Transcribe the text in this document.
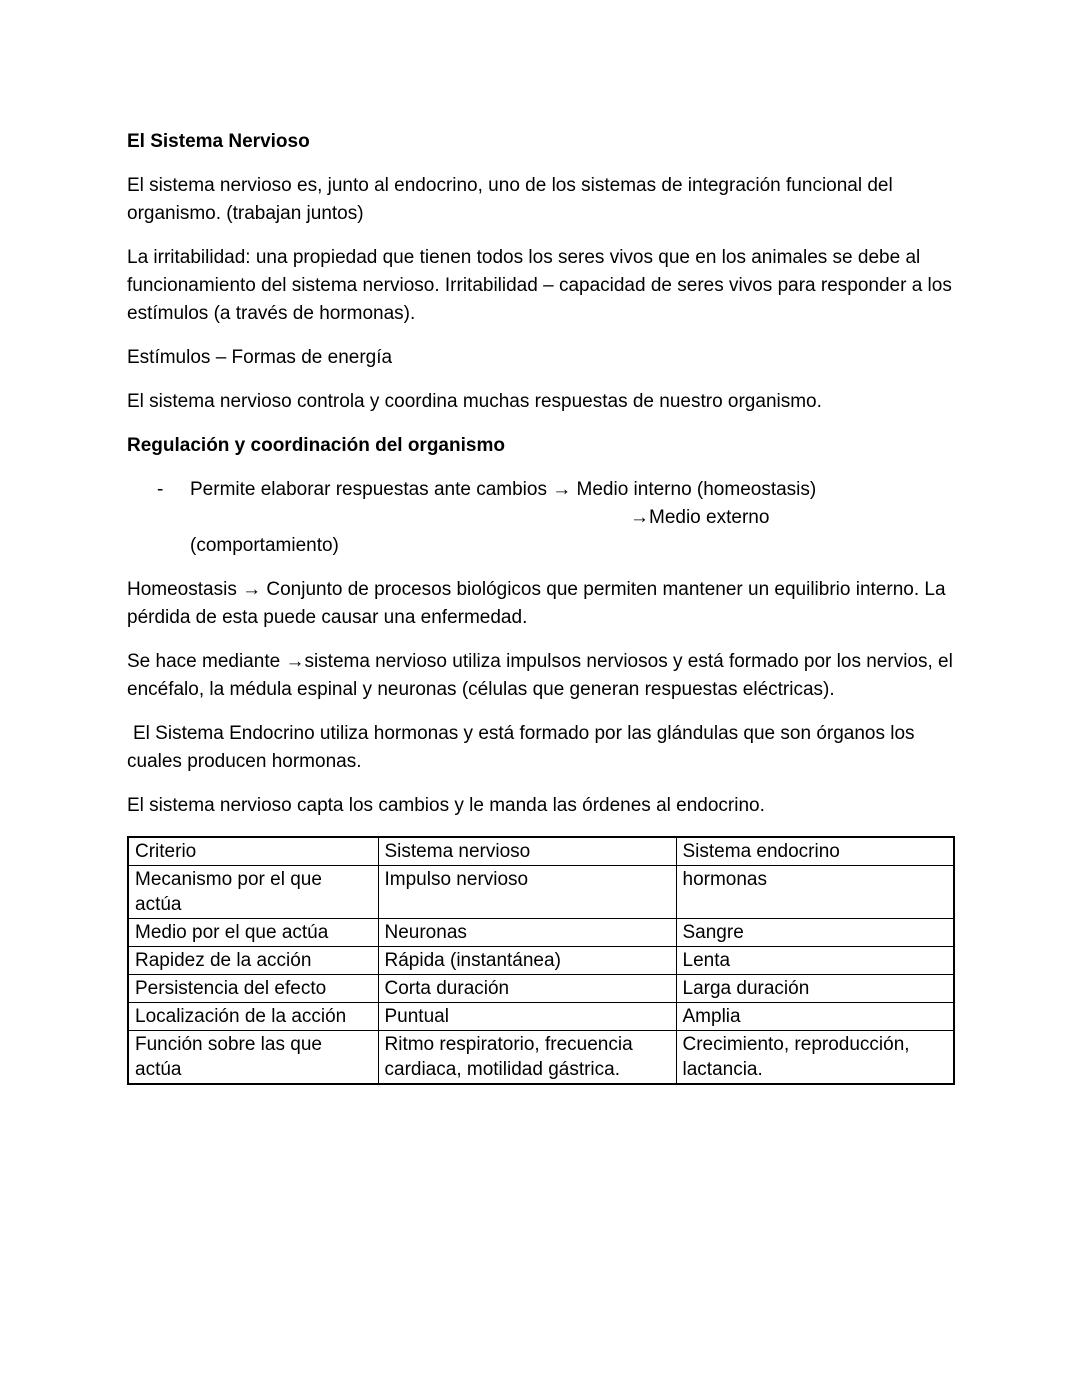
El Sistema Nervioso
El sistema nervioso es, junto al endocrino, uno de los sistemas de integración funcional del organismo. (trabajan juntos)
La irritabilidad: una propiedad que tienen todos los seres vivos que en los animales se debe al funcionamiento del sistema nervioso. Irritabilidad – capacidad de seres vivos para responder a los estímulos (a través de hormonas).
Estímulos – Formas de energía
El sistema nervioso controla y coordina muchas respuestas de nuestro organismo.
Regulación y coordinación del organismo
- Permite elaborar respuestas ante cambios → Medio interno (homeostasis)
→Medio externo
(comportamiento)
Homeostasis → Conjunto de procesos biológicos que permiten mantener un equilibrio interno. La pérdida de esta puede causar una enfermedad.
Se hace mediante →sistema nervioso utiliza impulsos nerviosos y está formado por los nervios, el encéfalo, la médula espinal y neuronas (células que generan respuestas eléctricas).
El Sistema Endocrino utiliza hormonas y está formado por las glándulas que son órganos los cuales producen hormonas.
El sistema nervioso capta los cambios y le manda las órdenes al endocrino.
Criterio	Sistema nervioso	Sistema endocrino
Mecanismo por el que actúa	Impulso nervioso	hormonas
Medio por el que actúa	Neuronas	Sangre
Rapidez de la acción	Rápida (instantánea)	Lenta
Persistencia del efecto	Corta duración	Larga duración
Localización de la acción	Puntual	Amplia
Función sobre las que actúa	Ritmo respiratorio, frecuencia cardiaca, motilidad gástrica.	Crecimiento, reproducción, lactancia.
